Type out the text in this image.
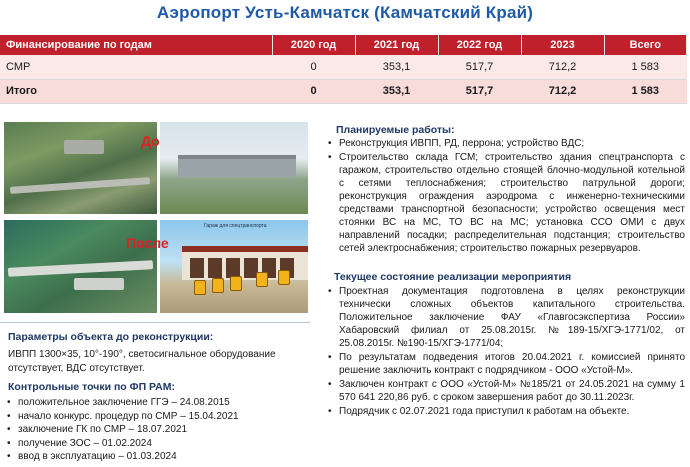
Аэропорт Усть-Камчатск (Камчатский Край)
Финансирование по годам	2020 год	2021 год	2022 год	2023	Всего
СМР	0	353,1	517,7	712,2	1 583
Итого	0	353,1	517,7	712,2	1 583
Гараж для спецтранспорта
До
После
Параметры объекта до реконструкции:
ИВПП 1300×35, 10°-190°, светосигнальное оборудование отсутствует, ВДС отсутствует.
Контрольные точки по ФП РАМ:
• положительное заключение ГГЭ – 24.08.2015
• начало конкурс. процедур по СМР – 15.04.2021
• заключение ГК по СМР – 18.07.2021
• получение ЗОС – 01.02.2024
• ввод в эксплуатацию – 01.03.2024
Планируемые работы:
• Реконструкция ИВПП, РД, перрона; устройство ВДС;
• Строительство склада ГСМ; строительство здания спецтранспорта с гаражом, строительство отдельно стоящей блочно-модульной котельной с сетями теплоснабжения; строительство патрульной дороги; реконструкция ограждения аэродрома с инженерно-техническими средствами транспортной безопасности; устройство освещения мест стоянки ВС на МС, ТО ВС на МС; установка ССО ОМИ с двух направлений посадки; распределительная подстанция; строительство сетей электроснабжения; строительство пожарных резервуаров.
Текущее состояние реализации мероприятия
• Проектная документация подготовлена в целях реконструкции технически сложных объектов капитального строительства. Положительное заключение ФАУ «Главгосэкспертиза России» Хабаровский филиал от 25.08.2015г. №189-15/ХГЭ-1771/02, от 25.08.2015г. №190-15/ХГЭ-1771/04;
• По результатам подведения итогов 20.04.2021 г. комиссией принято решение заключить контракт с подрядчиком - ООО «Устой-М».
• Заключен контракт с ООО «Устой-М» №185/21 от 24.05.2021 на сумму 1 570 641 220,86 руб. с сроком завершения работ до 30.11.2023г.
• Подрядчик с 02.07.2021 года приступил к работам на объекте.
